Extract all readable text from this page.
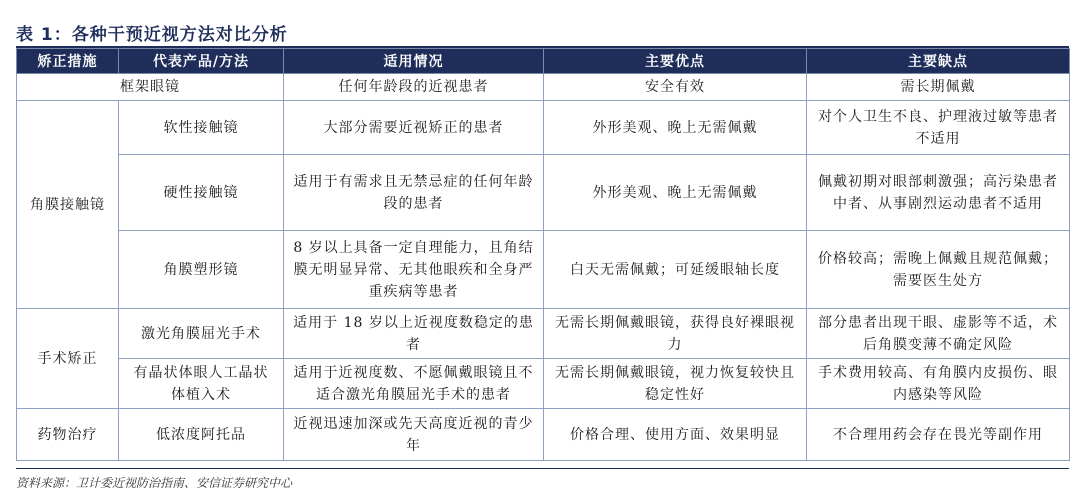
表 1：各种干预近视方法对比分析
矫正措施	代表产品/方法	适用情况	主要优点	主要缺点
框架眼镜		任何年龄段的近视患者	安全有效	需长期佩戴
角膜接触镜	软性接触镜	大部分需要近视矫正的患者	外形美观、晚上无需佩戴	对个人卫生不良、护理液过敏等患者不适用
	硬性接触镜	适用于有需求且无禁忌症的任何年龄段的患者	外形美观、晚上无需佩戴	佩戴初期对眼部刺激强；高污染患者中者、从事剧烈运动患者不适用
	角膜塑形镜	8 岁以上具备一定自理能力，且角结膜无明显异常、无其他眼疾和全身严重疾病等患者	白天无需佩戴；可延缓眼轴长度	价格较高；需晚上佩戴且规范佩戴；需要医生处方
手术矫正	激光角膜屈光手术	适用于 18 岁以上近视度数稳定的患者	无需长期佩戴眼镜，获得良好裸眼视力	部分患者出现干眼、虚影等不适，术后角膜变薄不确定风险
	有晶状体眼人工晶状体植入术	适用于近视度数、不愿佩戴眼镜且不适合激光角膜屈光手术的患者	无需长期佩戴眼镜，视力恢复较快且稳定性好	手术费用较高、有角膜内皮损伤、眼内感染等风险
药物治疗	低浓度阿托品	近视迅速加深或先天高度近视的青少年	价格合理、使用方面、效果明显	不合理用药会存在畏光等副作用
资料来源：卫计委近视防治指南、安信证券研究中心
